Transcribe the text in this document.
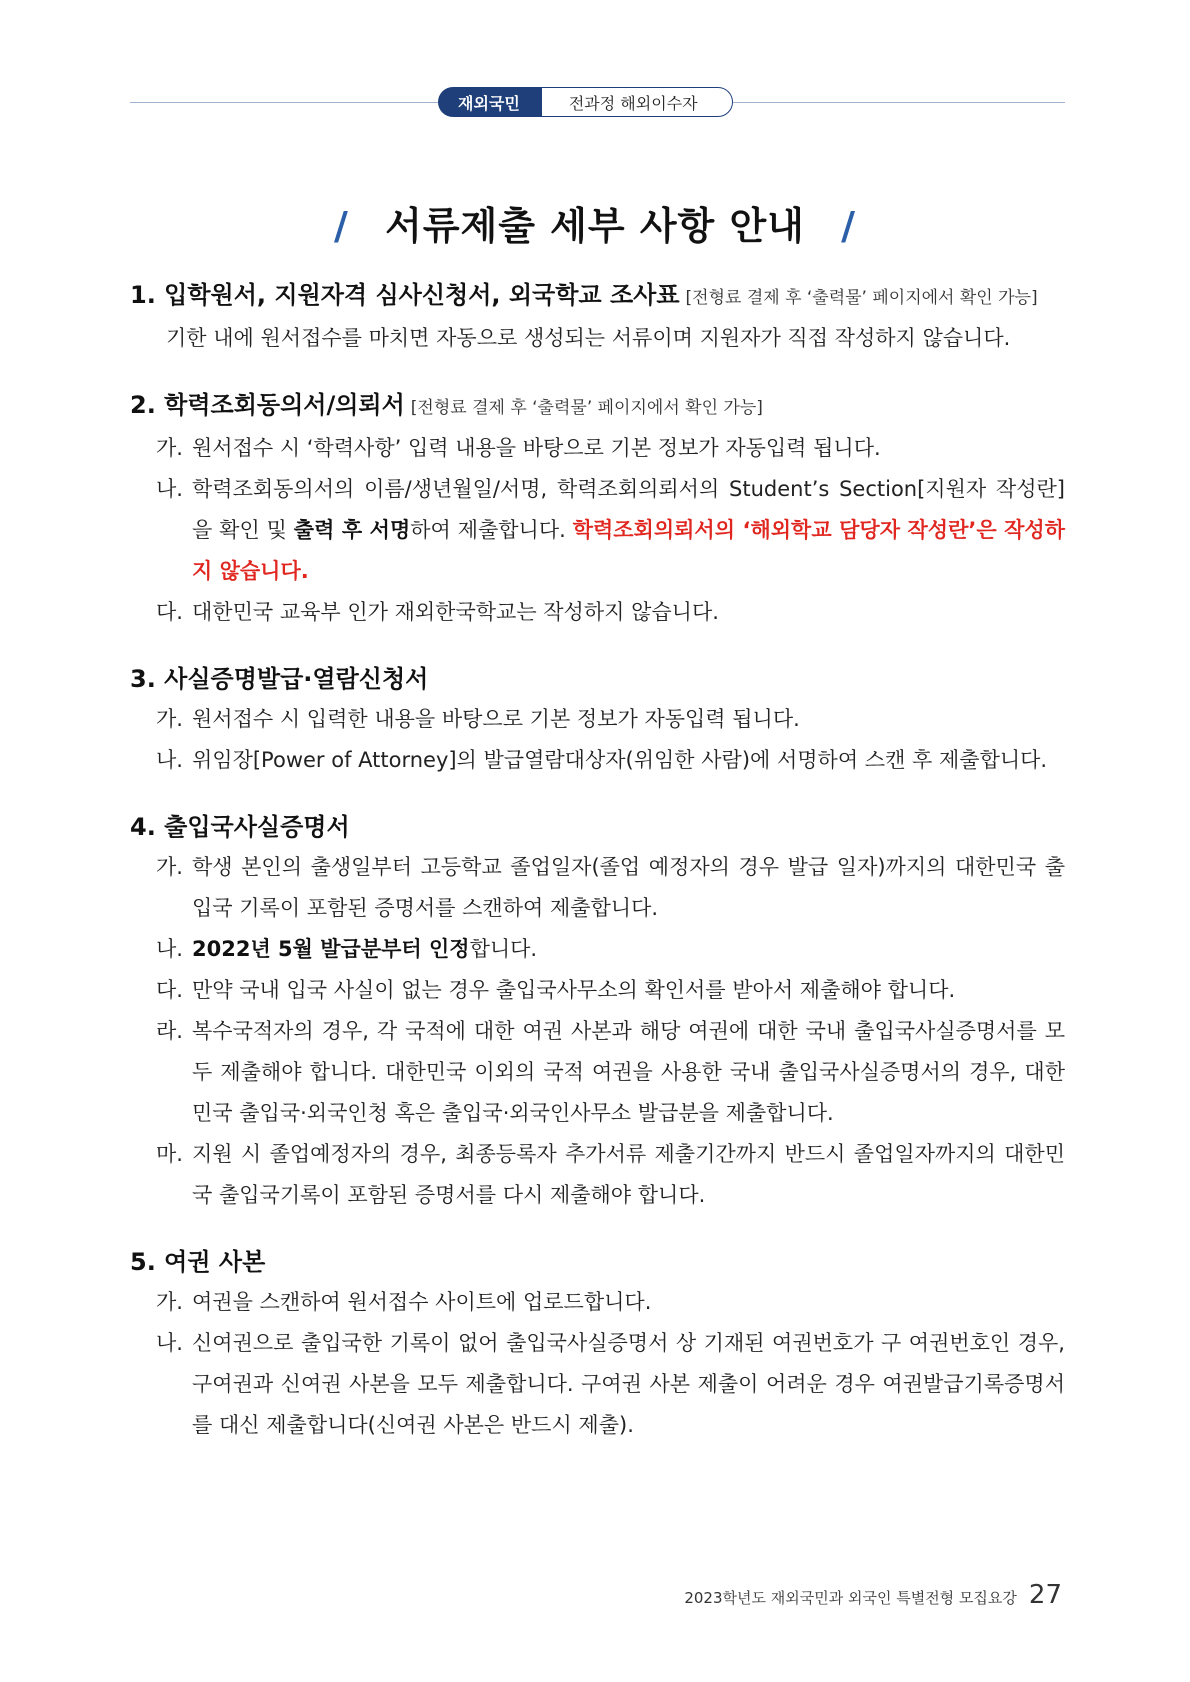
재외국민	전과정 해외이수자
/ 서류제출 세부 사항 안내 /
1. 입학원서, 지원자격 심사신청서, 외국학교 조사표 [전형료 결제 후 ‘출력물’ 페이지에서 확인 가능]
기한 내에 원서접수를 마치면 자동으로 생성되는 서류이며 지원자가 직접 작성하지 않습니다.
2. 학력조회동의서/의뢰서 [전형료 결제 후 ‘출력물’ 페이지에서 확인 가능]
가. 원서접수 시 ‘학력사항’ 입력 내용을 바탕으로 기본 정보가 자동입력 됩니다.
나. 학력조회동의서의 이름/생년월일/서명, 학력조회의뢰서의 Student’s Section[지원자 작성란]을 확인 및 출력 후 서명하여 제출합니다. 학력조회의뢰서의 ‘해외학교 담당자 작성란’은 작성하지 않습니다.
다. 대한민국 교육부 인가 재외한국학교는 작성하지 않습니다.
3. 사실증명발급·열람신청서
가. 원서접수 시 입력한 내용을 바탕으로 기본 정보가 자동입력 됩니다.
나. 위임장[Power of Attorney]의 발급열람대상자(위임한 사람)에 서명하여 스캔 후 제출합니다.
4. 출입국사실증명서
가. 학생 본인의 출생일부터 고등학교 졸업일자(졸업 예정자의 경우 발급 일자)까지의 대한민국 출입국 기록이 포함된 증명서를 스캔하여 제출합니다.
나. 2022년 5월 발급분부터 인정합니다.
다. 만약 국내 입국 사실이 없는 경우 출입국사무소의 확인서를 받아서 제출해야 합니다.
라. 복수국적자의 경우, 각 국적에 대한 여권 사본과 해당 여권에 대한 국내 출입국사실증명서를 모두 제출해야 합니다. 대한민국 이외의 국적 여권을 사용한 국내 출입국사실증명서의 경우, 대한민국 출입국·외국인청 혹은 출입국·외국인사무소 발급분을 제출합니다.
마. 지원 시 졸업예정자의 경우, 최종등록자 추가서류 제출기간까지 반드시 졸업일자까지의 대한민국 출입국기록이 포함된 증명서를 다시 제출해야 합니다.
5. 여권 사본
가. 여권을 스캔하여 원서접수 사이트에 업로드합니다.
나. 신여권으로 출입국한 기록이 없어 출입국사실증명서 상 기재된 여권번호가 구 여권번호인 경우, 구여권과 신여권 사본을 모두 제출합니다. 구여권 사본 제출이 어려운 경우 여권발급기록증명서를 대신 제출합니다(신여권 사본은 반드시 제출).
2023학년도 재외국민과 외국인 특별전형 모집요강 27
